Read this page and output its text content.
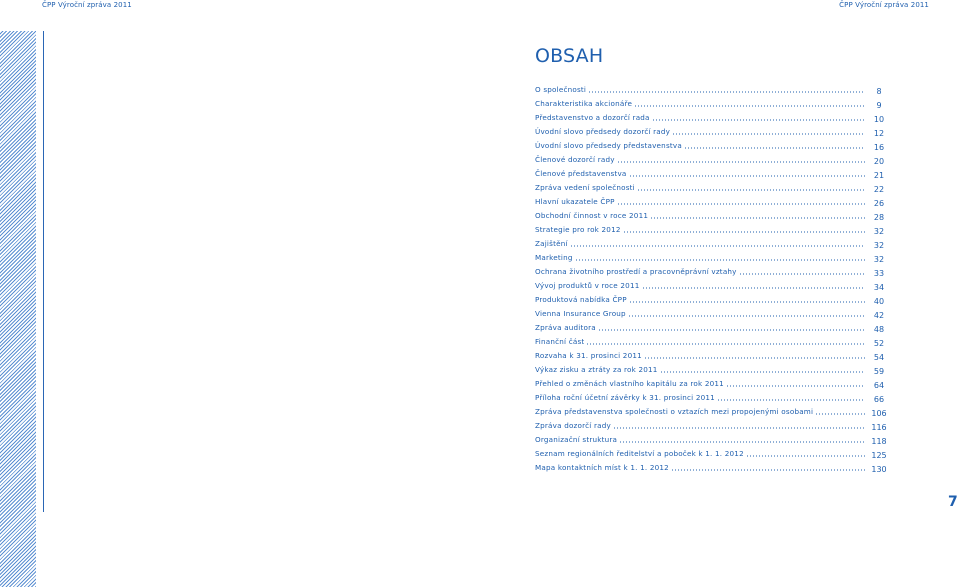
ČPP Výroční zpráva 2011	ČPP Výroční zpráva 2011
OBSAH
O společnosti
Charakteristika akcionáře
Představenstvo a dozorčí rada
Úvodní slovo předsedy dozorčí rady
Úvodní slovo předsedy představenstva
Členové dozorčí rady
Členové představenstva
Zpráva vedení společnosti
Hlavní ukazatele ČPP
Obchodní činnost v roce 2011
Strategie pro rok 2012
Zajištění
Marketing
Ochrana životního prostředí a pracovněprávní vztahy
Vývoj produktů v roce 2011
Produktová nabídka ČPP
Vienna Insurance Group
Zpráva auditora
Finanční část
Rozvaha k 31. prosinci 2011
Výkaz zisku a ztráty za rok 2011
Přehled o změnách vlastního kapitálu za rok 2011
Příloha roční účetní závěrky k 31. prosinci 2011
Zpráva představenstva společnosti o vztazích mezi propojenými osobami
Zpráva dozorčí rady
Organizační struktura
Seznam regionálních ředitelství a poboček k 1. 1. 2012
Mapa kontaktních míst k 1. 1. 2012
8
9
10
12
16
20
21
22
26
28
32
32
32
33
34
40
42
48
52
54
59
64
66
106
116
118
125
130
7
